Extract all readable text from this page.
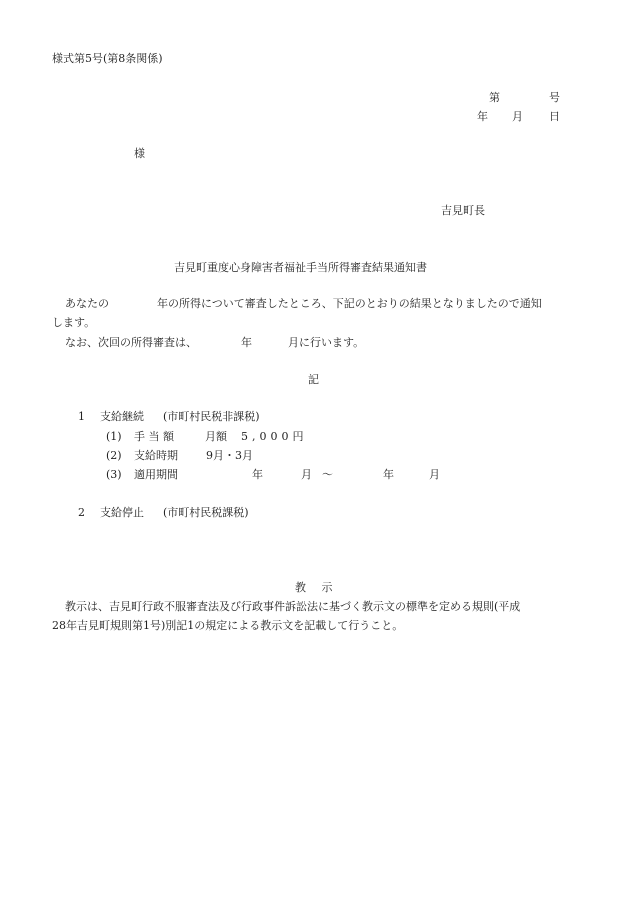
様式第5号(第8条関係)
第	号
年 月 日
様
吉見町長
吉見町重度心身障害者福祉手当所得審査結果通知書
あなたの	年の所得について審査したところ、下記のとおりの結果となりましたので通知
します。
なお、次回の所得審査は、	年	月に行います。
記
1 支給継続 (市町村民税非課税)
(1) 手 当 額	月額 5,000円
(2) 支給時期	9月・3月
(3) 適用期間	年	月 〜	年	月
2 支給停止 (市町村民税課税)
教 示
教示は、吉見町行政不服審査法及び行政事件訴訟法に基づく教示文の標準を定める規則(平成
28年吉見町規則第1号)別記1の規定による教示文を記載して行うこと。
